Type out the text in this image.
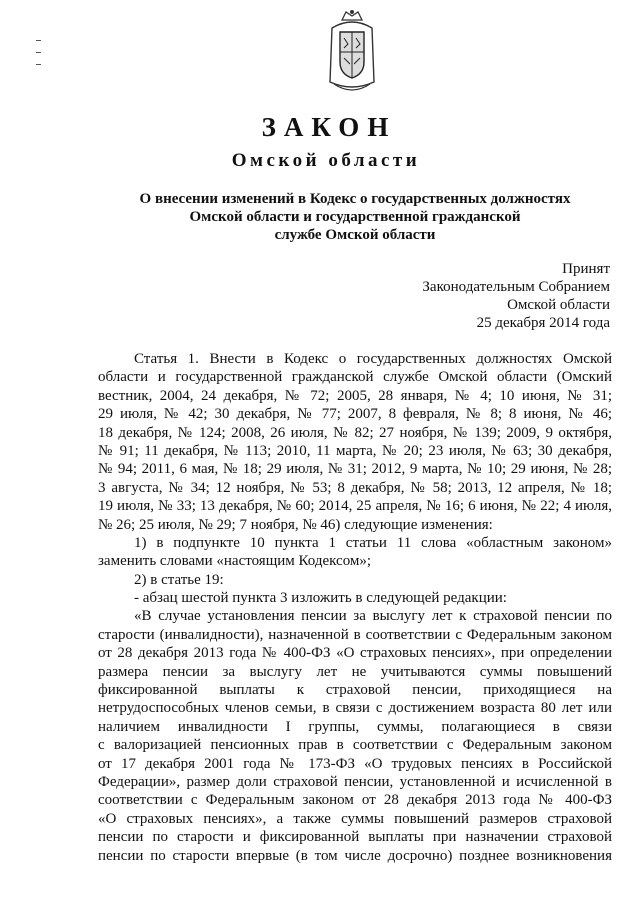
ЗАКОН
Омской области
О внесении изменений в Кодекс о государственных должностях
Омской области и государственной гражданской
службе Омской области
Принят
Законодательным Собранием
Омской области
25 декабря 2014 года
Статья 1. Внести в Кодекс о государственных должностях Омской
области и государственной гражданской службе Омской области (Омский
вестник, 2004, 24 декабря, № 72; 2005, 28 января, № 4; 10 июня, № 31;
29 июля, № 42; 30 декабря, № 77; 2007, 8 февраля, № 8; 8 июня, № 46;
18 декабря, № 124; 2008, 26 июля, № 82; 27 ноября, № 139; 2009, 9 октября,
№ 91; 11 декабря, № 113; 2010, 11 марта, № 20; 23 июля, № 63; 30 декабря,
№ 94; 2011, 6 мая, № 18; 29 июля, № 31; 2012, 9 марта, № 10; 29 июня, № 28;
3 августа, № 34; 12 ноября, № 53; 8 декабря, № 58; 2013, 12 апреля, № 18;
19 июля, № 33; 13 декабря, № 60; 2014, 25 апреля, № 16; 6 июня, № 22; 4 июля,
№ 26; 25 июля, № 29; 7 ноября, № 46) следующие изменения:
1) в подпункте 10 пункта 1 статьи 11 слова «областным законом»
заменить словами «настоящим Кодексом»;
2) в статье 19:
- абзац шестой пункта 3 изложить в следующей редакции:
«В случае установления пенсии за выслугу лет к страховой пенсии по
старости (инвалидности), назначенной в соответствии с Федеральным законом
от 28 декабря 2013 года № 400-ФЗ «О страховых пенсиях», при определении
размера пенсии за выслугу лет не учитываются суммы повышений
фиксированной выплаты к страховой пенсии, приходящиеся на
нетрудоспособных членов семьи, в связи с достижением возраста 80 лет или
наличием инвалидности I группы, суммы, полагающиеся в связи
с валоризацией пенсионных прав в соответствии с Федеральным законом
от 17 декабря 2001 года № 173-ФЗ «О трудовых пенсиях в Российской
Федерации», размер доли страховой пенсии, установленной и исчисленной в
соответствии с Федеральным законом от 28 декабря 2013 года № 400-ФЗ
«О страховых пенсиях», а также суммы повышений размеров страховой
пенсии по старости и фиксированной выплаты при назначении страховой
пенсии по старости впервые (в том числе досрочно) позднее возникновения
